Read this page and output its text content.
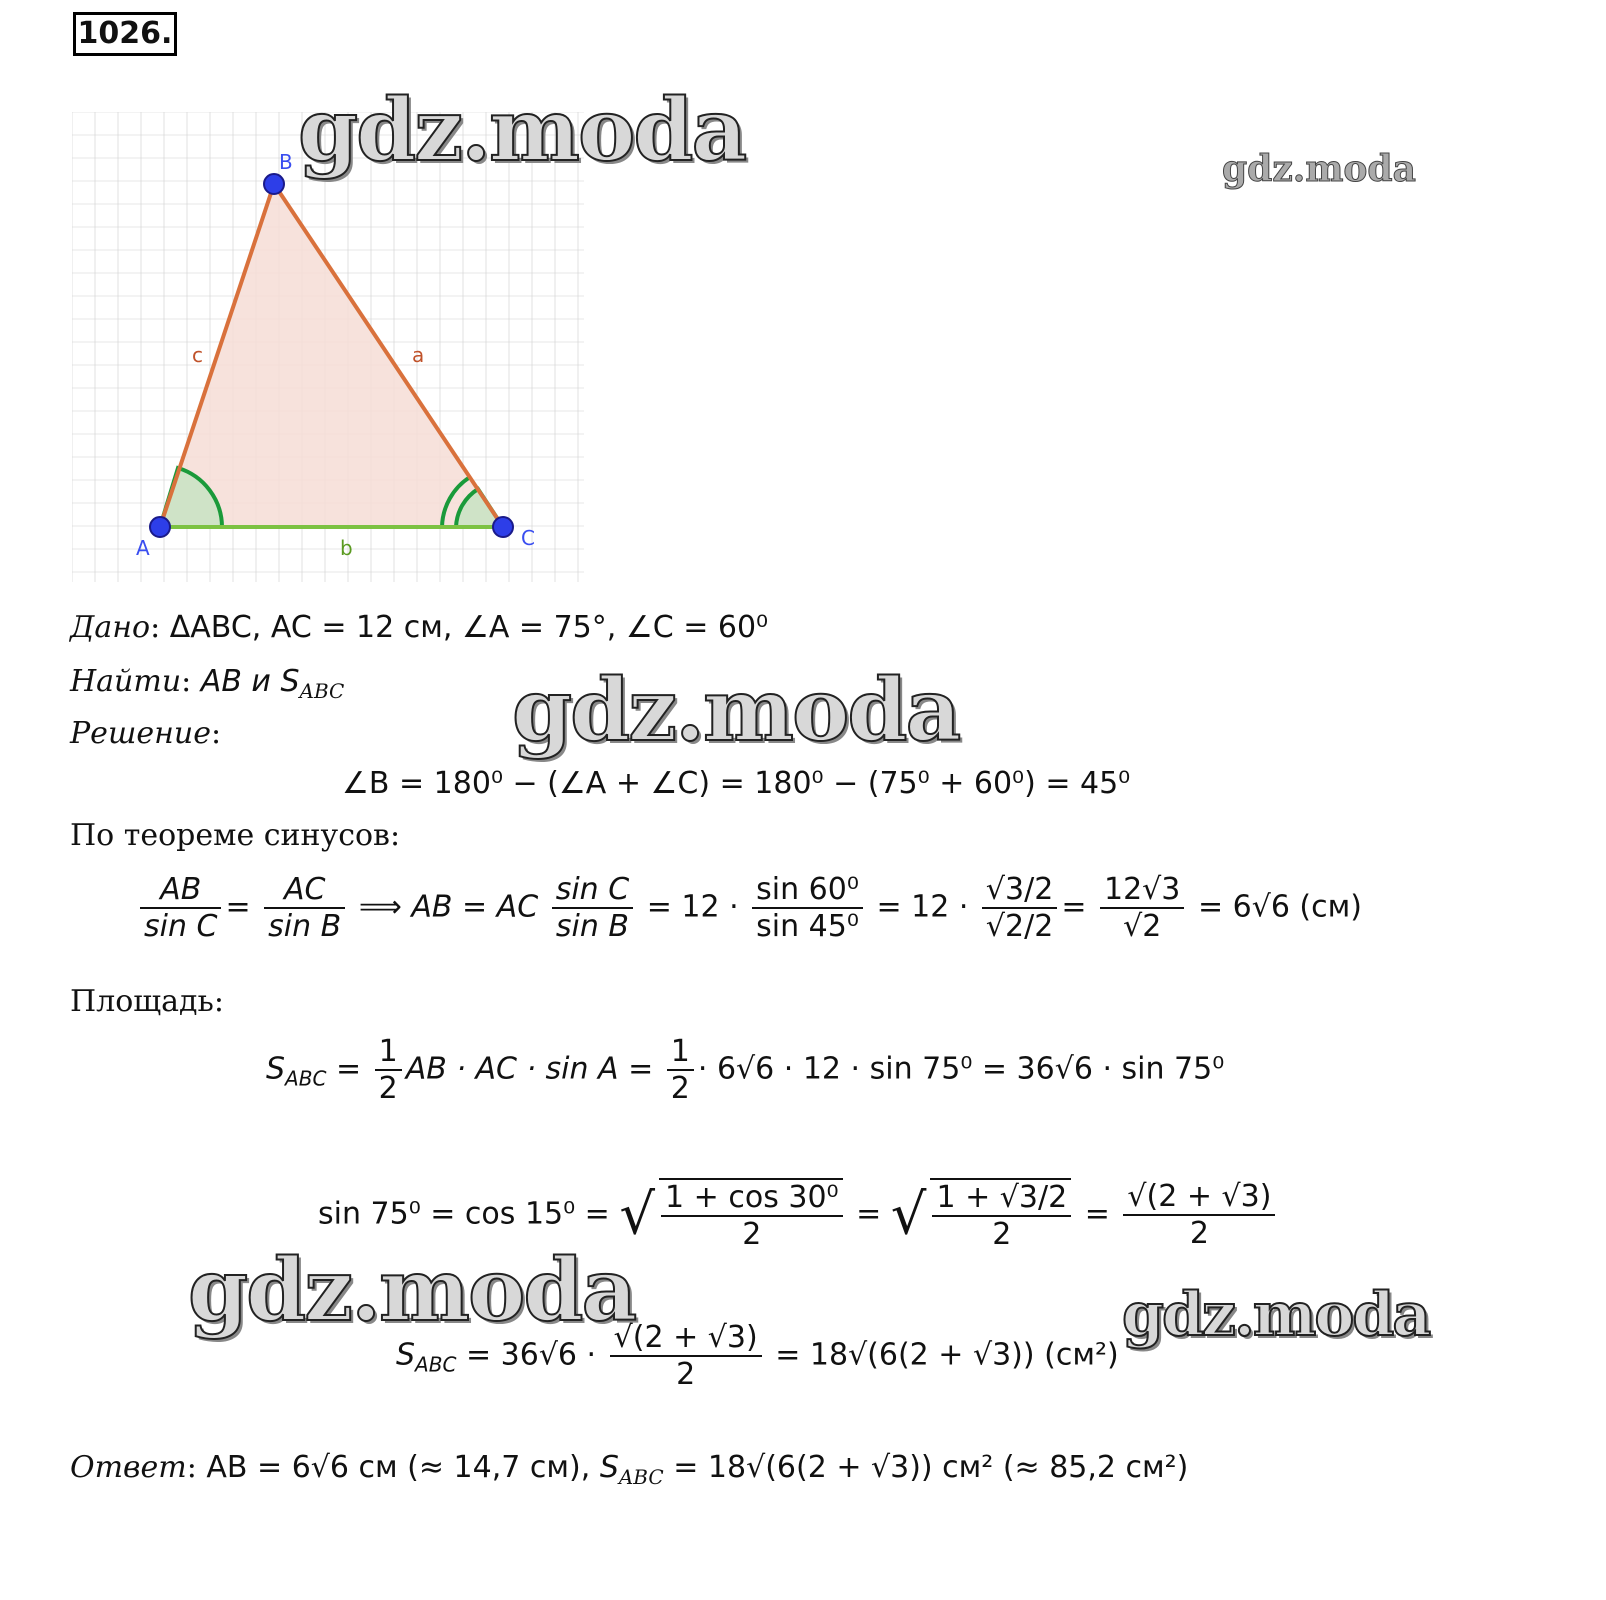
1026.
A
B
C
a
b
c
gdz.moda	gdz.moda
gdz.moda
gdz.moda	gdz.moda
Дано: ΔABC, AC = 12 см, ∠A = 75°, ∠C = 60⁰
Найти: AB и $S_{ABC}$
Решение:
∠B = 180⁰ − (∠A + ∠C) = 180⁰ − (75⁰ + 60⁰) = 45⁰
По теореме синусов:
$\frac{AB}{\text{sin C}} = \frac{AC}{\text{sin B}}$ ⟹ AB = AC $\frac{\text{sin C}}{\text{sin B}} = 12 \cdot \frac{\text{sin 60⁰}}{\text{sin 45⁰}} = 12 \cdot \frac{√3/2}{√2/2} = \frac{12√3}{√2} = 6√6$ (см)
Площадь:
$S_{ABC} = \frac{1}{2}$ AB · AC · $\sin A = \frac{1}{2} \cdot 6√6 \cdot 12 \cdot \sin 75^0 = 36√6 \cdot \sin 75^0$
sin 75⁰ = cos 15⁰ = √ $\frac{\text{1 + cos 30⁰}}{2}$ = √ $\frac{1 + √3/2}{2} = \frac{√(2 + √3)}{2}$
$S_{ABC} = 36√6 \cdot \frac{√(2 + √3)}{2} = 18√(6(2 + √3))$ (см²)
Ответ: AB = 6√6 см (≈ 14,7 см), $S_{ABC} = 18√(6(2 + √3))$ см² (≈ 85,2 см²)
